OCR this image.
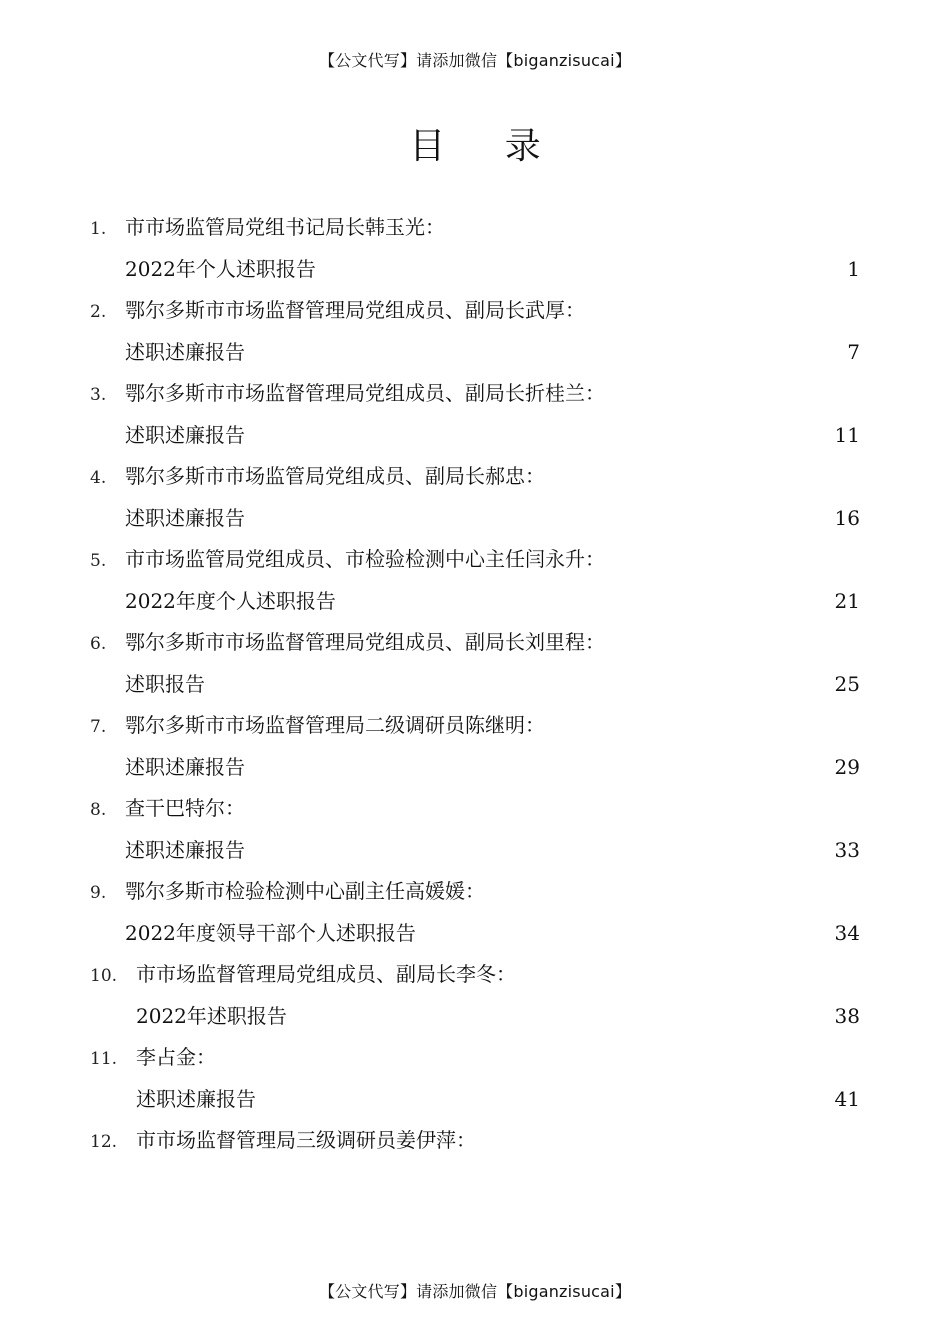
【公文代写】请添加微信【biganzisucai】
目 录
1. 市市场监管局党组书记局长韩玉光：
2022年个人述职报告	1
2. 鄂尔多斯市市场监督管理局党组成员、副局长武厚：
述职述廉报告	7
3. 鄂尔多斯市市场监督管理局党组成员、副局长折桂兰：
述职述廉报告	11
4. 鄂尔多斯市市场监管局党组成员、副局长郝忠：
述职述廉报告	16
5. 市市场监管局党组成员、市检验检测中心主任闫永升：
2022年度个人述职报告	21
6. 鄂尔多斯市市场监督管理局党组成员、副局长刘里程：
述职报告	25
7. 鄂尔多斯市市场监督管理局二级调研员陈继明：
述职述廉报告	29
8. 查干巴特尔：
述职述廉报告	33
9. 鄂尔多斯市检验检测中心副主任高媛媛：
2022年度领导干部个人述职报告	34
10. 市市场监督管理局党组成员、副局长李冬：
2022年述职报告	38
11. 李占金：
述职述廉报告	41
12. 市市场监督管理局三级调研员姜伊萍：
【公文代写】请添加微信【biganzisucai】
